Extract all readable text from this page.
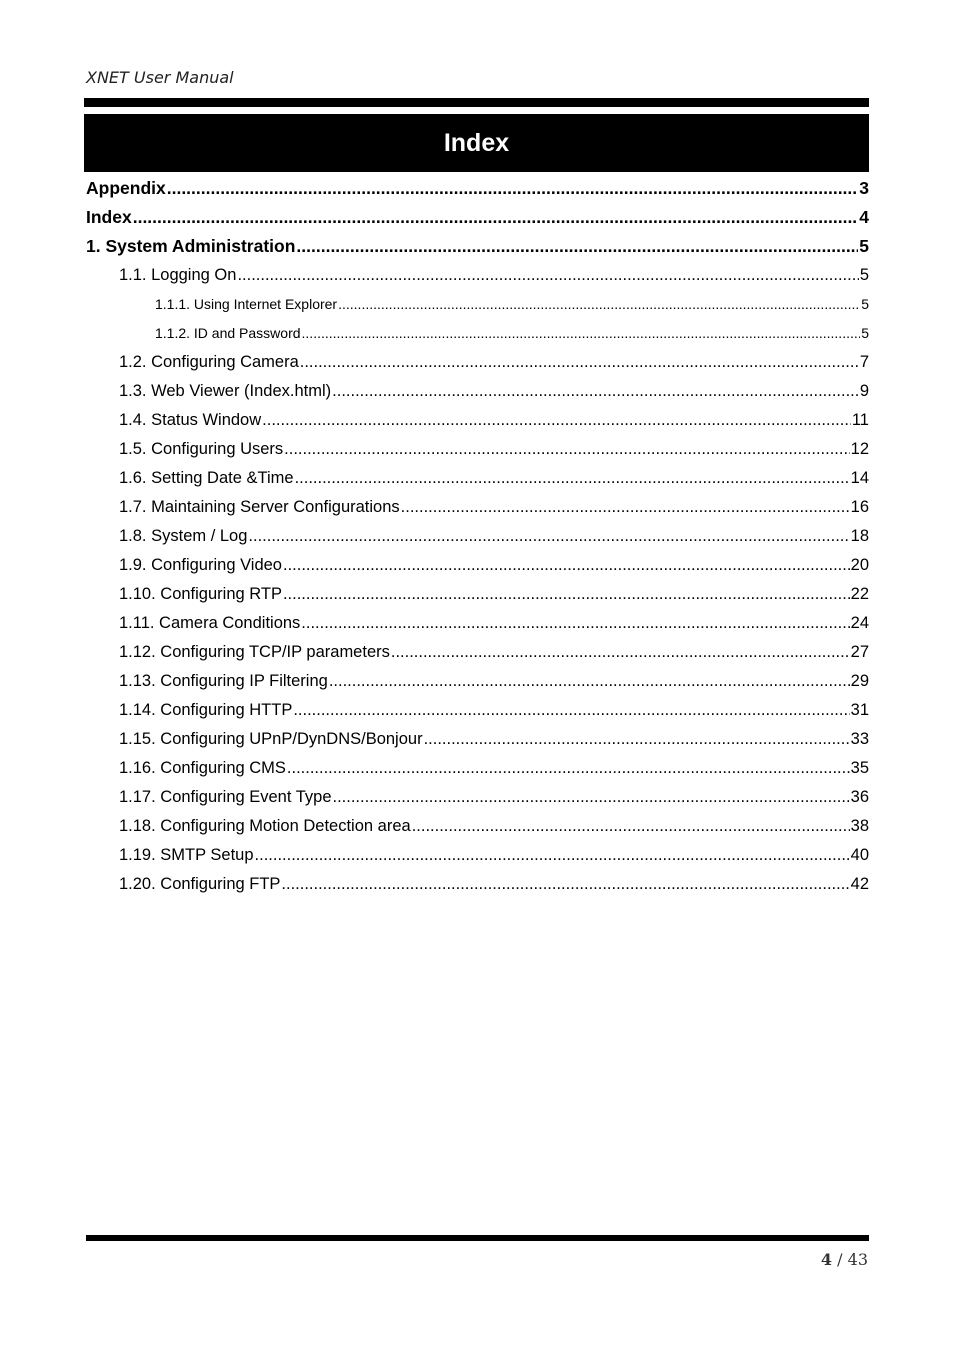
XNET User Manual
Index
Appendix .....	3
Index .....	4
1. System Administration .....	5
1.1. Logging On .....	5
1.1.1. Using Internet Explorer .....	5
1.1.2. ID and Password .....	5
1.2. Configuring Camera .....	7
1.3. Web Viewer (Index.html) .....	9
1.4. Status Window .....	11
1.5. Configuring Users .....	12
1.6. Setting Date &Time .....	14
1.7. Maintaining Server Configurations .....	16
1.8. System / Log .....	18
1.9. Configuring Video .....	20
1.10. Configuring RTP .....	22
1.11. Camera Conditions .....	24
1.12. Configuring TCP/IP parameters .....	27
1.13. Configuring IP Filtering .....	29
1.14. Configuring HTTP .....	31
1.15. Configuring UPnP/DynDNS/Bonjour .....	33
1.16. Configuring CMS .....	35
1.17. Configuring Event Type .....	36
1.18. Configuring Motion Detection area .....	38
1.19. SMTP Setup .....	40
1.20. Configuring FTP .....	42
4 / 43
